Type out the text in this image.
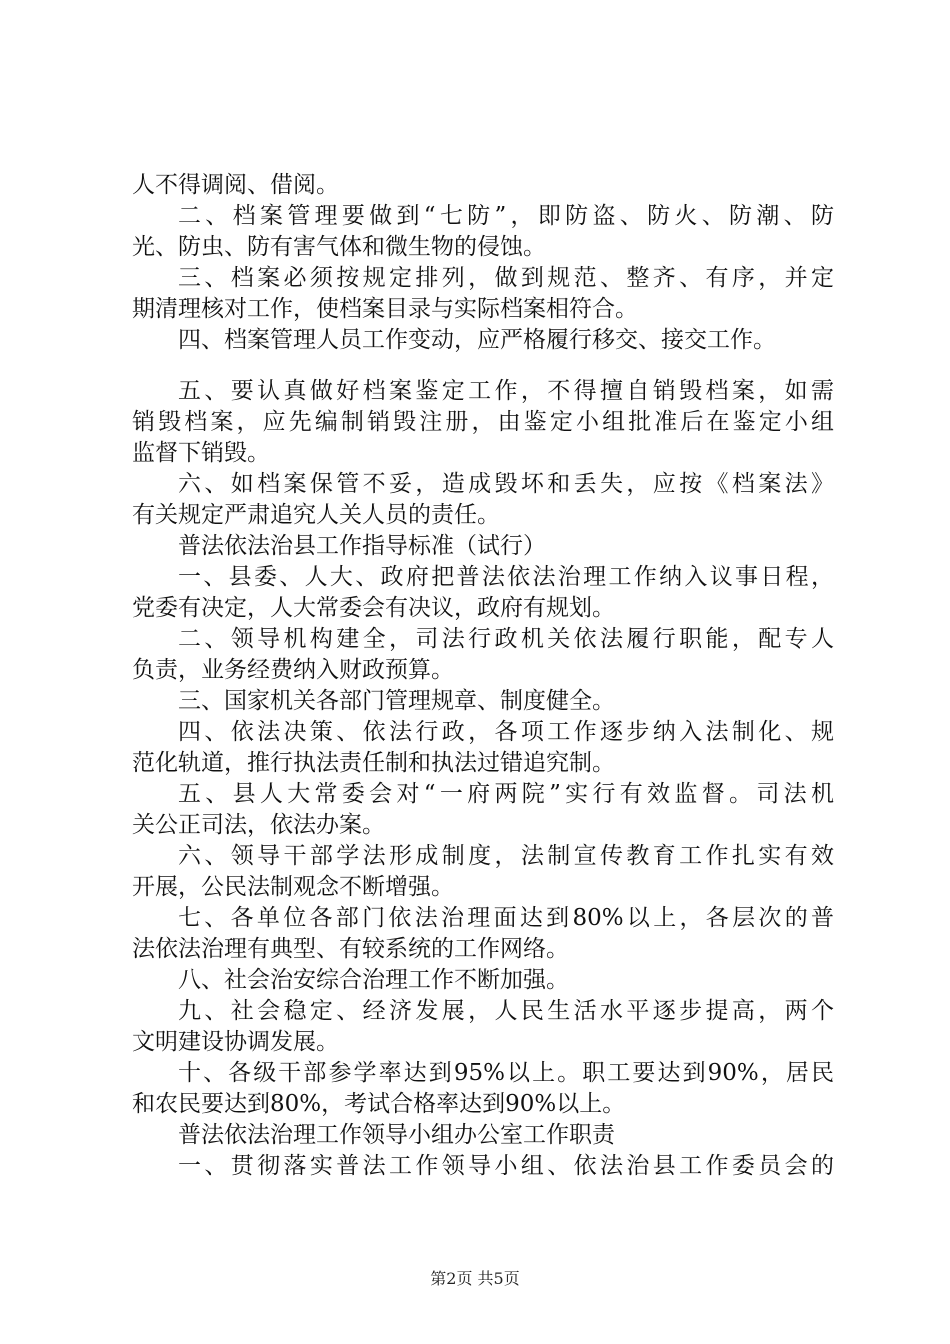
人不得调阅、借阅。
二、档案管理要做到“七防”，即防盗、防火、防潮、防
光、防虫、防有害气体和微生物的侵蚀。
三、档案必须按规定排列，做到规范、整齐、有序，并定
期清理核对工作，使档案目录与实际档案相符合。
四、档案管理人员工作变动，应严格履行移交、接交工作。
五、要认真做好档案鉴定工作，不得擅自销毁档案，如需
销毁档案，应先编制销毁注册，由鉴定小组批准后在鉴定小组
监督下销毁。
六、如档案保管不妥，造成毁坏和丢失，应按《档案法》
有关规定严肃追究人关人员的责任。
普法依法治县工作指导标准（试行）
一、县委、人大、政府把普法依法治理工作纳入议事日程，
党委有决定，人大常委会有决议，政府有规划。
二、领导机构建全，司法行政机关依法履行职能，配专人
负责，业务经费纳入财政预算。
三、国家机关各部门管理规章、制度健全。
四、依法决策、依法行政，各项工作逐步纳入法制化、规
范化轨道，推行执法责任制和执法过错追究制。
五、县人大常委会对“一府两院”实行有效监督。司法机
关公正司法，依法办案。
六、领导干部学法形成制度，法制宣传教育工作扎实有效
开展，公民法制观念不断增强。
七、各单位各部门依法治理面达到80%以上，各层次的普
法依法治理有典型、有较系统的工作网络。
八、社会治安综合治理工作不断加强。
九、社会稳定、经济发展，人民生活水平逐步提高，两个
文明建设协调发展。
十、各级干部参学率达到95%以上。职工要达到90%，居民
和农民要达到80%，考试合格率达到90%以上。
普法依法治理工作领导小组办公室工作职责
一、贯彻落实普法工作领导小组、依法治县工作委员会的
第2页 共5页
